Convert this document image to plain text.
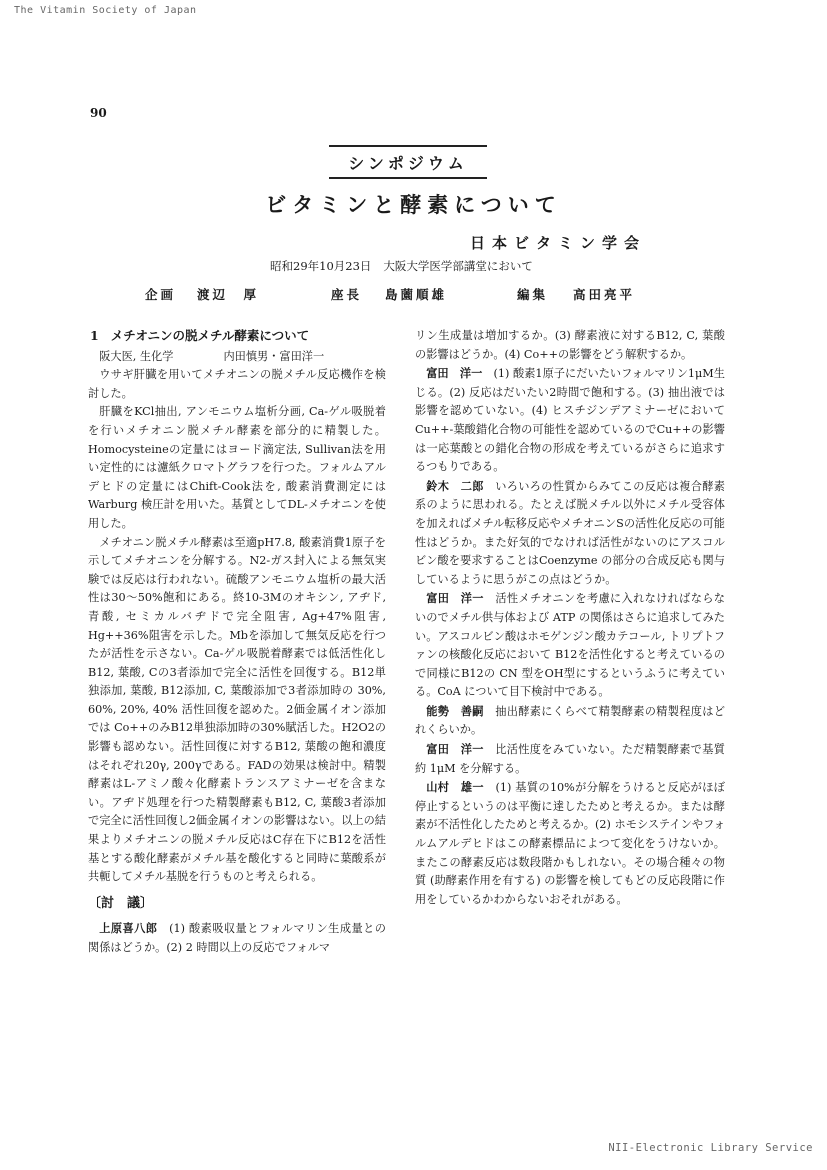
The Vitamin Society of Japan
90
シンポジウム
ビタミンと酵素について
日本ビタミン学会
昭和29年10月23日 大阪大学医学部講堂において
企画 渡辺　厚	座長 島薗順雄	編集 高田亮平
1 メチオニンの脱メチル酵素について
阪大医, 生化学	内田慎男・富田洋一

ウサギ肝臓を用いてメチオニンの脱メチル反応機作を検討した。

肝臓をKCl抽出, アンモニウム塩析分画, Ca-ゲル吸脱着を行いメチオニン脱メチル酵素を部分的に精製した。Homocysteineの定量にはヨード滴定法, Sullivan法を用い定性的には濾紙クロマトグラフを行つた。フォルムアルデヒドの定量にはChift-Cook法を, 酸素消費測定には Warburg 検圧計を用いた。基質としてDL-メチオニンを使用した。

メチオニン脱メチル酵素は至適pH7.8, 酸素消費1原子を示してメチオニンを分解する。N2-ガス封入による無気実験では反応は行われない。硫酸アンモニウム塩析の最大活性は30～50%飽和にある。終10-3Mのオキシン, アヂド, 青酸, セミカルバヂドで完全阻害, Ag+47%阻害, Hg++36%阻害を示した。Mbを添加して無気反応を行つたが活性を示さない。Ca-ゲル吸脱着酵素では低活性化しB12, 葉酸, Cの3者添加で完全に活性を回復する。B12単独添加, 葉酸, B12添加, C, 葉酸添加で3者添加時の 30%, 60%, 20%, 40% 活性回復を認めた。2価金属イオン添加では Co++のみB12単独添加時の30%賦活した。H2O2の影響も認めない。活性回復に対するB12, 葉酸の飽和濃度はそれぞれ20γ, 200γである。FADの効果は検討中。精製酵素はL-アミノ酸々化酵素トランスアミナーゼを含まない。アヂド処理を行つた精製酵素もB12, C, 葉酸3者添加で完全に活性回復し2価金属イオンの影響はない。以上の結果よりメチオニンの脱メチル反応はC存在下にB12を活性基とする酸化酵素がメチル基を酸化すると同時に葉酸系が共軛してメチル基脱を行うものと考えられる。

〔討　議〕

上原喜八郎　 (1) 酸素吸収量とフォルマリン生成量との関係はどうか。(2) 2 時間以上の反応でフォルマ

リン生成量は増加するか。(3) 酵素液に対するB12, C, 葉酸の影響はどうか。(4) Co++の影響をどう解釈するか。

富田　洋一　 (1) 酸素1原子にだいたいフォルマリン1μM生じる。(2) 反応はだいたい2時間で飽和する。(3) 抽出液では影響を認めていない。(4) ヒスチジンデアミナーゼにおいてCu++-葉酸錯化合物の可能性を認めているのでCu++の影響は一応葉酸との錯化合物の形成を考えているがさらに追求するつもりである。

鈴木　二郎　 いろいろの性質からみてこの反応は複合酵素系のように思われる。たとえば脱メチル以外にメチル受容体を加えればメチル転移反応やメチオニンSの活性化反応の可能性はどうか。また好気的でなければ活性がないのにアスコルビン酸を要求することはCoenzyme の部分の合成反応も関与しているように思うがこの点はどうか。

富田　洋一　 活性メチオニンを考慮に入れなければならないのでメチル供与体および ATP の関係はさらに追求してみたい。アスコルビン酸はホモゲンジン酸カテコール, トリプトファンの核酸化反応において B12を活性化すると考えているので同様にB12の CN 型をOH型にするというふうに考えている。CoA について目下検討中である。

能勢　善嗣　 抽出酵素にくらべて精製酵素の精製程度はどれくらいか。

富田　洋一　 比活性度をみていない。ただ精製酵素で基質約 1μM を分解する。

山村　雄一　 (1) 基質の10%が分解をうけると反応がほぼ停止するというのは平衡に達したためと考えるか。または酵素が不活性化したためと考えるか。(2) ホモシステインやフォルムアルデヒドはこの酵素標品によつて変化をうけないか。またこの酵素反応は数段階かもしれない。その場合種々の物質 (助酵素作用を有する) の影響を検してもどの反応段階に作用をしているかわからないおそれがある。

NII-Electronic Library Service
